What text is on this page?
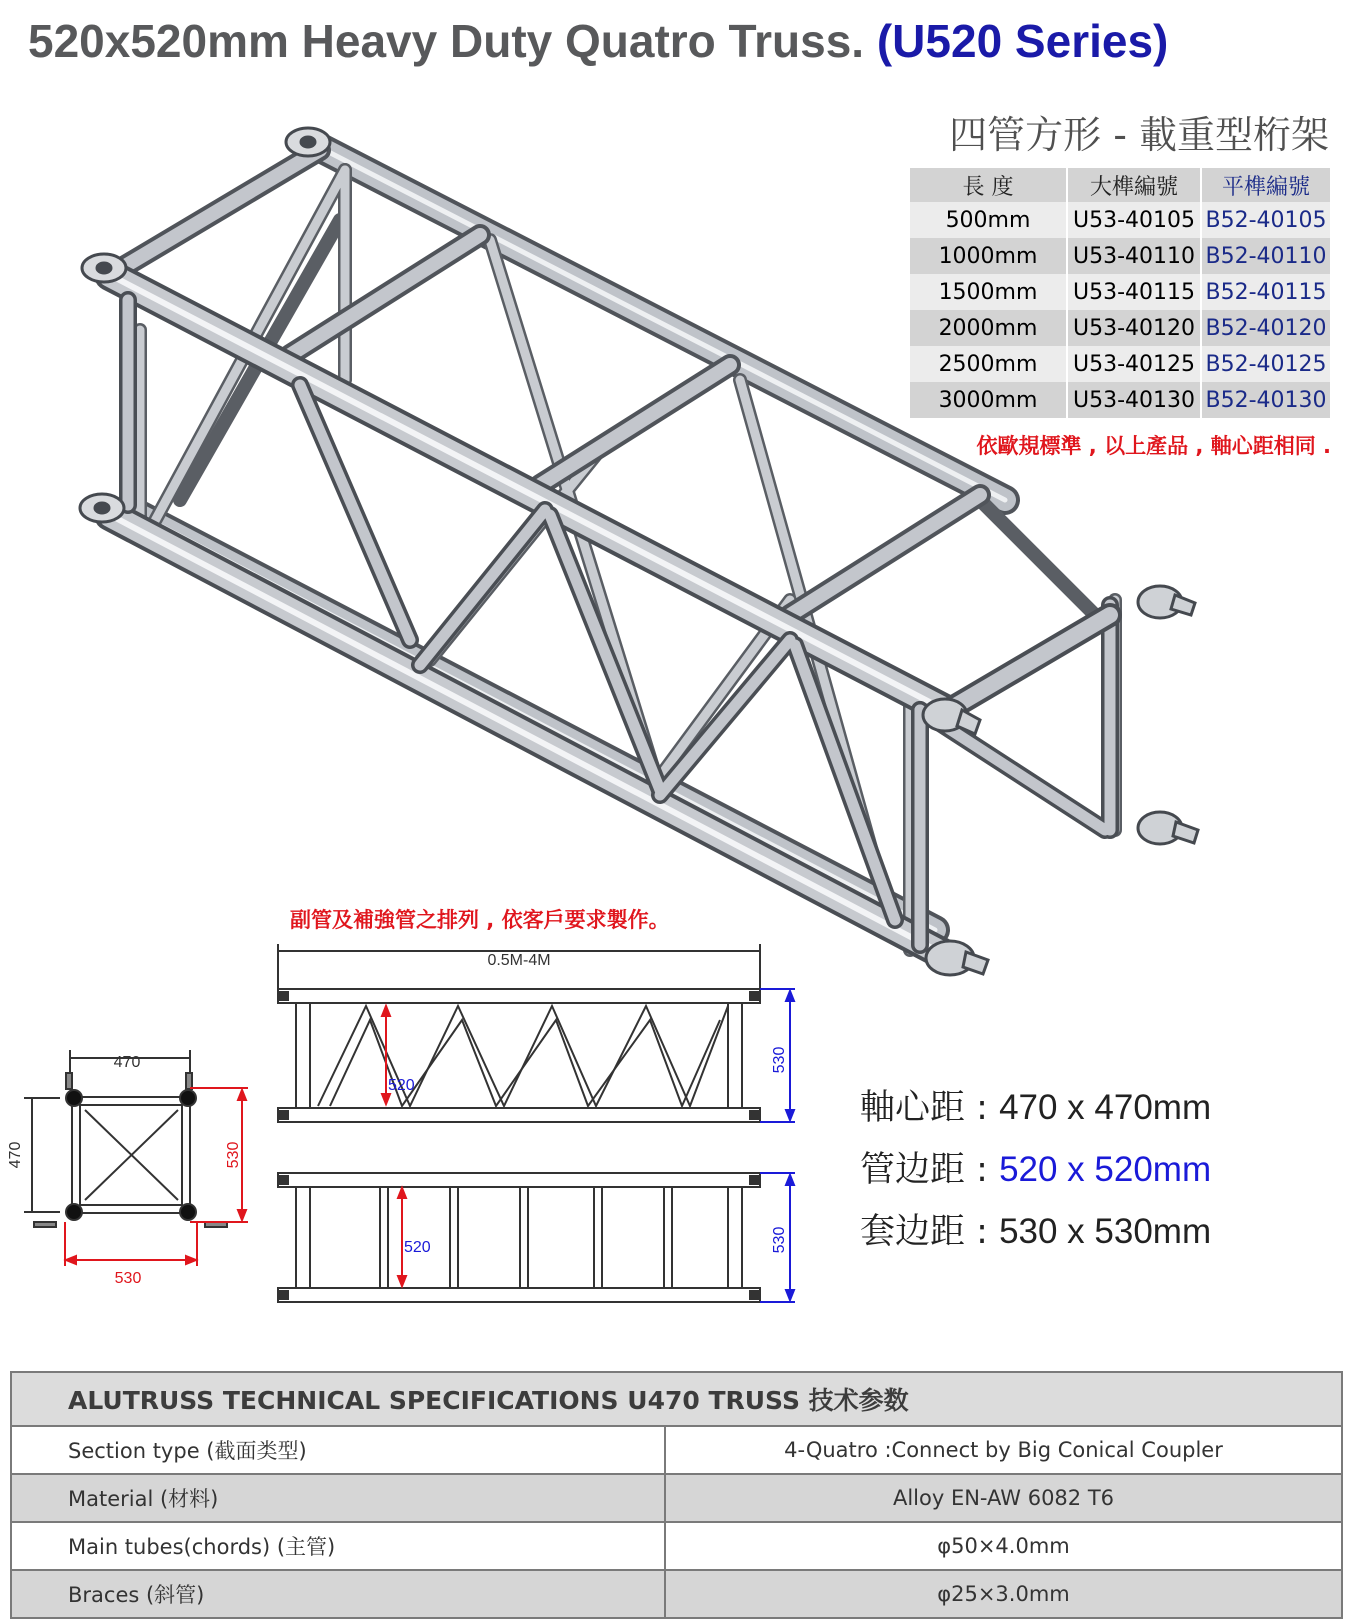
520x520mm Heavy Duty Quatro Truss. (U520 Series)
四管方形 - 載重型桁架
長 度	大榫編號	平榫編號
500mm	U53-40105	B52-40105
1000mm	U53-40110	B52-40110
1500mm	U53-40115	B52-40115
2000mm	U53-40120	B52-40120
2500mm	U53-40125	B52-40125
3000mm	U53-40130	B52-40130
依歐規標準 , 以上產品 , 軸心距相同 .
0.5M-4M
470
470	530
530
520
530
520	530
副管及補強管之排列 , 依客戶要求製作。
軸心距 : 470 x 470mm
管边距 : 520 x 520mm
套边距 : 530 x 530mm
ALUTRUSS TECHNICAL SPECIFICATIONS U470 TRUSS 技术参数	
Section type (截面类型)	4-Quatro :Connect by Big Conical Coupler
Material (材料)	Alloy EN-AW 6082 T6
Main tubes(chords) (主管)	φ50×4.0mm
Braces (斜管)	φ25×3.0mm
